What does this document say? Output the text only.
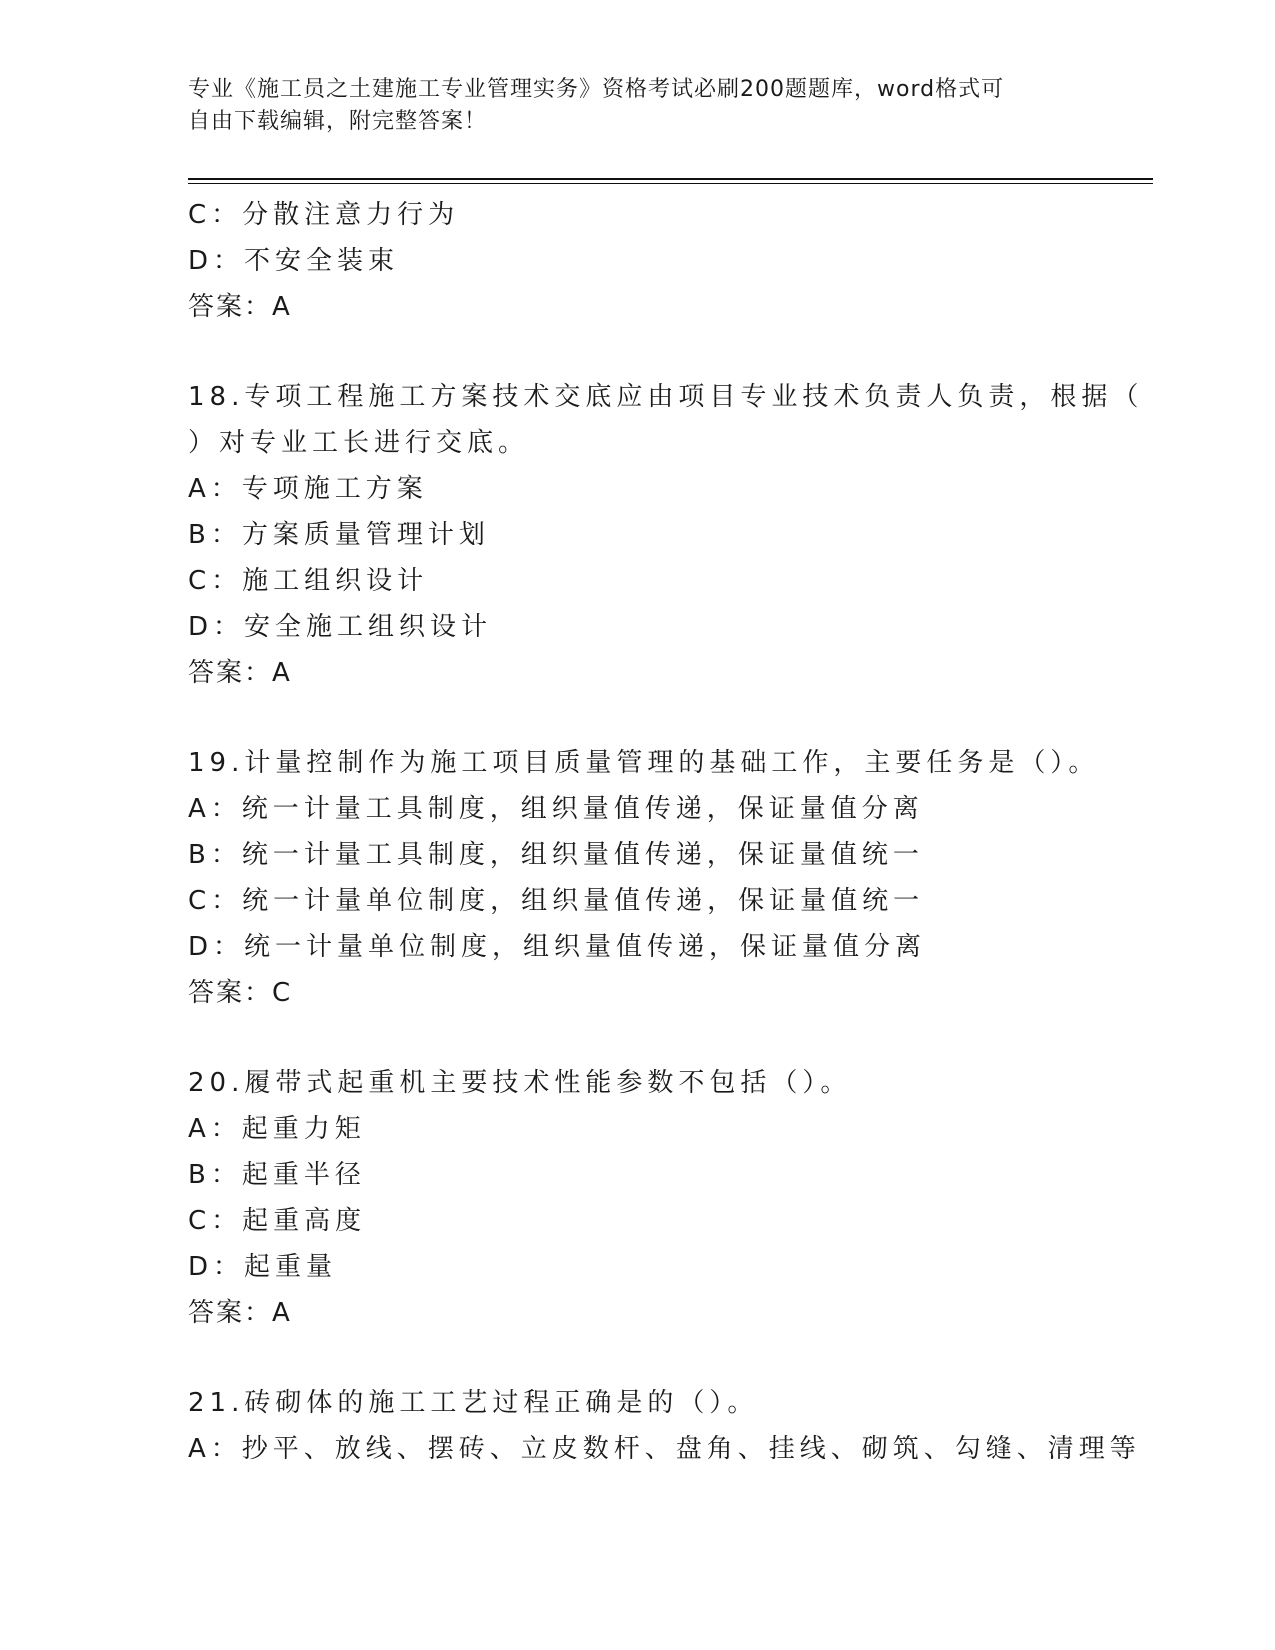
专业《施工员之土建施工专业管理实务》资格考试必刷200题题库，word格式可
自由下载编辑，附完整答案！
C：分散注意力行为
D：不安全装束
答案：A
18.专项工程施工方案技术交底应由项目专业技术负责人负责，根据（
）对专业工长进行交底。
A：专项施工方案
B：方案质量管理计划
C：施工组织设计
D：安全施工组织设计
答案：A
19.计量控制作为施工项目质量管理的基础工作，主要任务是（）。
A：统一计量工具制度，组织量值传递，保证量值分离
B：统一计量工具制度，组织量值传递，保证量值统一
C：统一计量单位制度，组织量值传递，保证量值统一
D：统一计量单位制度，组织量值传递，保证量值分离
答案：C
20.履带式起重机主要技术性能参数不包括（）。
A：起重力矩
B：起重半径
C：起重高度
D：起重量
答案：A
21.砖砌体的施工工艺过程正确是的（）。
A：抄平、放线、摆砖、立皮数杆、盘角、挂线、砌筑、勾缝、清理等
